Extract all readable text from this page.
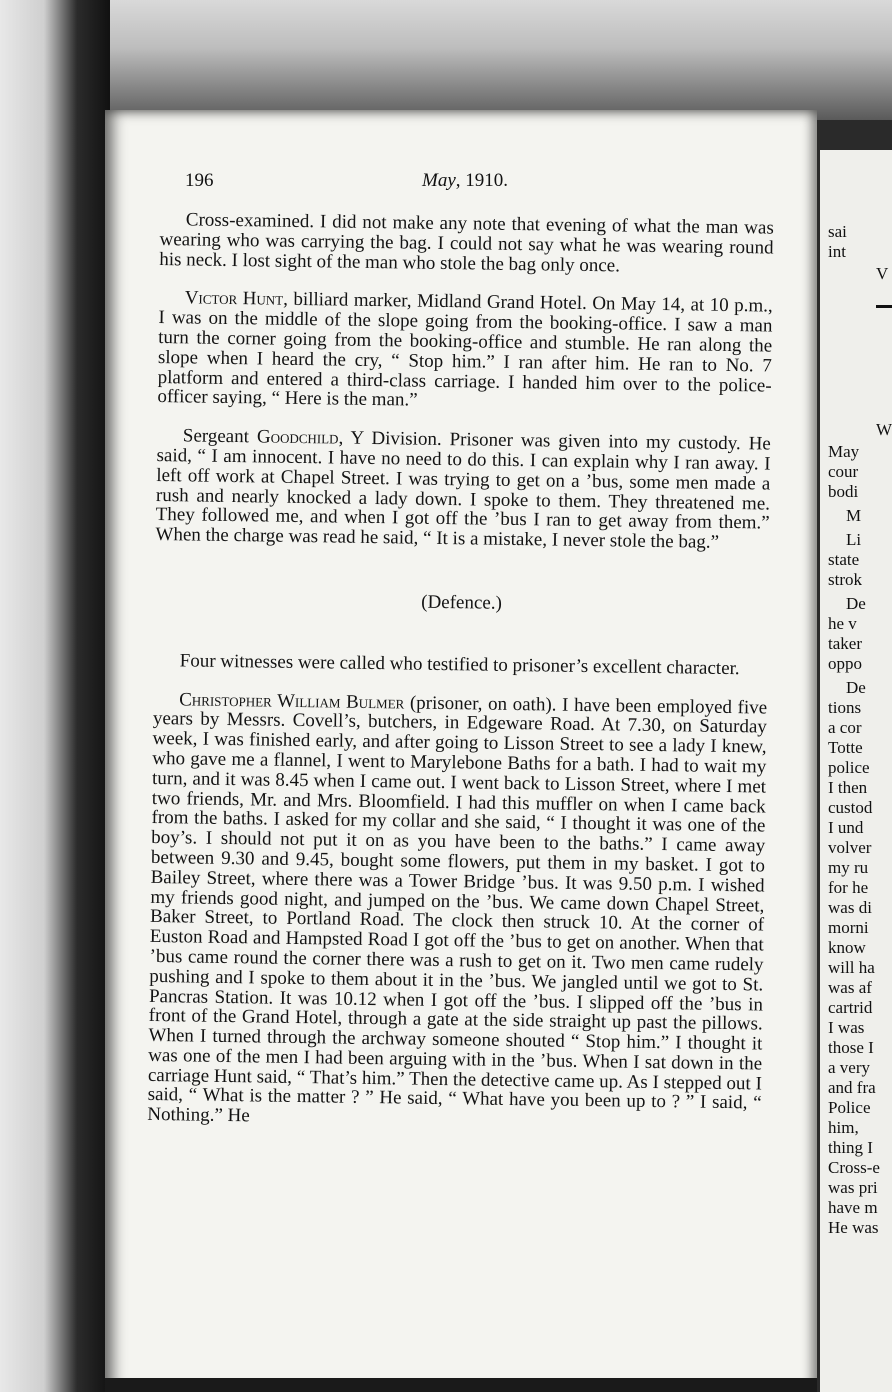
196	May, 1910.

Cross-examined. I did not make any note that evening of what the man was wearing who was carrying the bag. I could not say what he was wearing round his neck. I lost sight of the man who stole the bag only once.

Victor Hunt, billiard marker, Midland Grand Hotel. On May 14, at 10 p.m., I was on the middle of the slope going from the booking-office. I saw a man turn the corner going from the booking-office and stumble. He ran along the slope when I heard the cry, “ Stop him.” I ran after him. He ran to No. 7 platform and entered a third-class carriage. I handed him over to the police-officer saying, “ Here is the man.”

Sergeant Goodchild, Y Division. Prisoner was given into my custody. He said, “ I am innocent. I have no need to do this. I can explain why I ran away. I left off work at Chapel Street. I was trying to get on a ’bus, some men made a rush and nearly knocked a lady down. I spoke to them. They threatened me. They followed me, and when I got off the ’bus I ran to get away from them.” When the charge was read he said, “ It is a mistake, I never stole the bag.”

(Defence.)

Four witnesses were called who testified to prisoner’s excellent character.

Christopher William Bulmer (prisoner, on oath). I have been employed five years by Messrs. Covell’s, butchers, in Edgeware Road. At 7.30, on Saturday week, I was finished early, and after going to Lisson Street to see a lady I knew, who gave me a flannel, I went to Marylebone Baths for a bath. I had to wait my turn, and it was 8.45 when I came out. I went back to Lisson Street, where I met two friends, Mr. and Mrs. Bloomfield. I had this muffler on when I came back from the baths. I asked for my collar and she said, “ I thought it was one of the boy’s. I should not put it on as you have been to the baths.” I came away between 9.30 and 9.45, bought some flowers, put them in my basket. I got to Bailey Street, where there was a Tower Bridge ’bus. It was 9.50 p.m. I wished my friends good night, and jumped on the ’bus. We came down Chapel Street, Baker Street, to Portland Road. The clock then struck 10. At the corner of Euston Road and Hampsted Road I got off the ’bus to get on another. When that ’bus came round the corner there was a rush to get on it. Two men came rudely pushing and I spoke to them about it in the ’bus. We jangled until we got to St. Pancras Station. It was 10.12 when I got off the ’bus. I slipped off the ’bus in front of the Grand Hotel, through a gate at the side straight up past the pillows. When I turned through the archway someone shouted “ Stop him.” I thought it was one of the men I had been arguing with in the ’bus. When I sat down in the carriage Hunt said, “ That’s him.” Then the detective came up. As I stepped out I said, “ What is the matter ? ” He said, “ What have you been up to ? ” I said, “ Nothing.” He

sai
int
V
W
May
cour
bodi
M
Li
state
strok
De
he v
taker
oppo
De
tions
a cor
Totte
police
I then
custod
I und
volver
my ru
for he
was di
morni
know
will ha
was af
cartrid
I was
those I
a very
and fra
Police
him,
thing I
Cross-e
was pri
have m
He was
